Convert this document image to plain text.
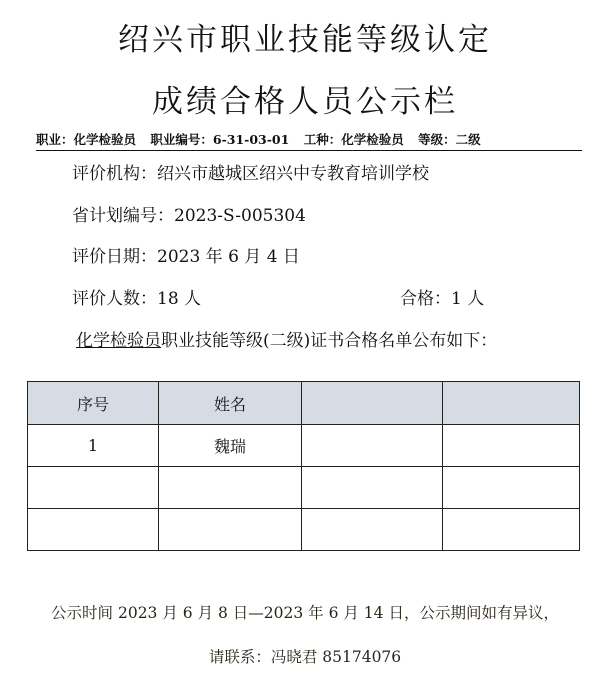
绍兴市职业技能等级认定
成绩合格人员公示栏
职业：化学检验员 职业编号：6-31-03-01 工种：化学检验员 等级：二级
评价机构：绍兴市越城区绍兴中专教育培训学校
省计划编号：2023-S-005304
评价日期：2023 年 6 月 4 日
评价人数：18 人	合格：1 人
化学检验员职业技能等级(二级)证书合格名单公布如下：
序号	姓名		
1	魏瑞		

公示时间 2023 月 6 月 8 日—2023 年 6 月 14 日，公示期间如有异议，
请联系：冯晓君 85174076
